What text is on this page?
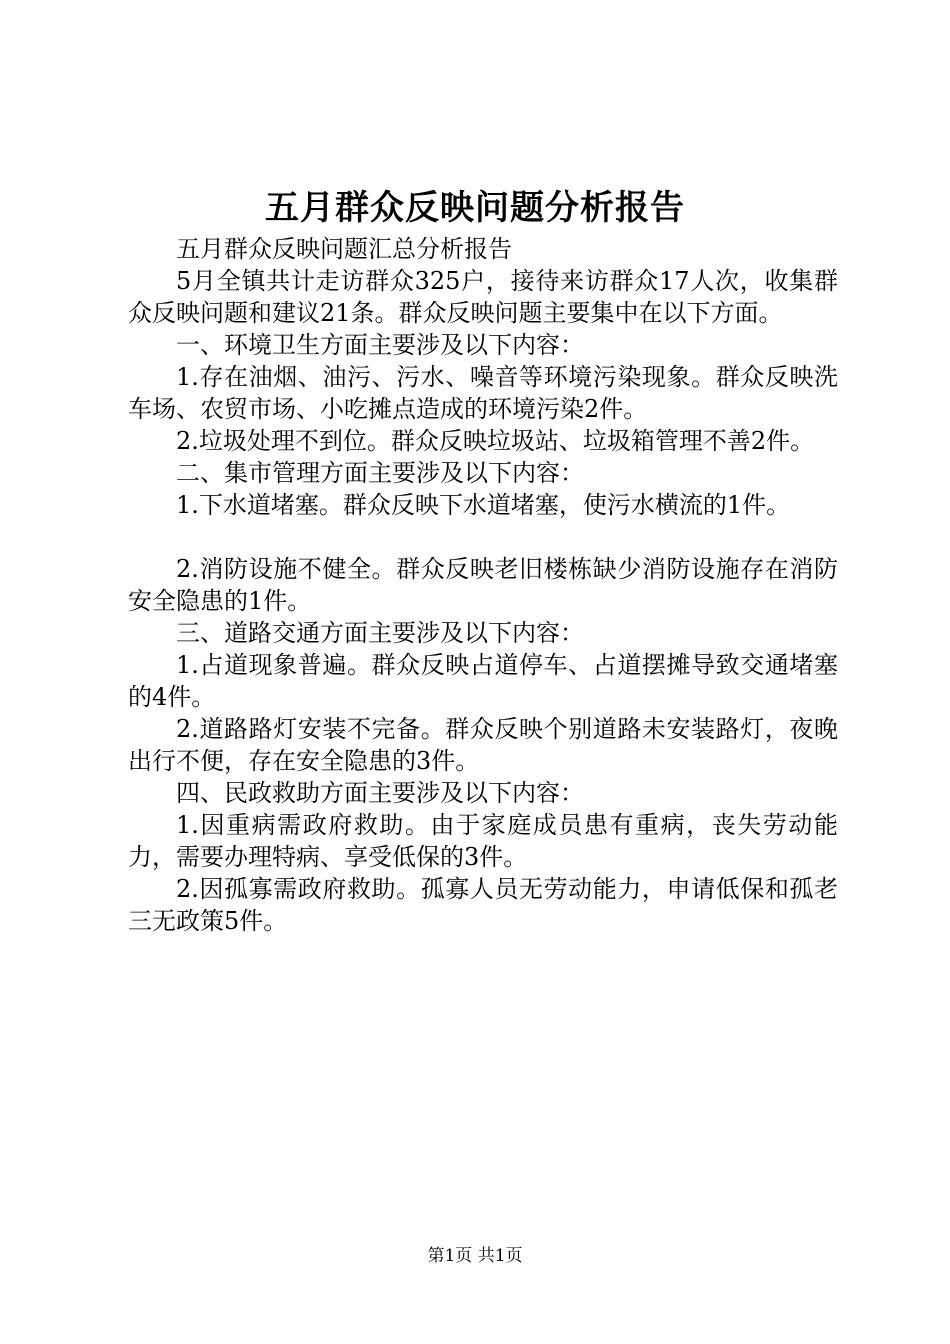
五月群众反映问题分析报告

五月群众反映问题汇总分析报告

5月全镇共计走访群众325户，接待来访群众17人次，收集群众反映问题和建议21条。群众反映问题主要集中在以下方面。

一、环境卫生方面主要涉及以下内容：

1.存在油烟、油污、污水、噪音等环境污染现象。群众反映洗车场、农贸市场、小吃摊点造成的环境污染2件。

2.垃圾处理不到位。群众反映垃圾站、垃圾箱管理不善2件。

二、集市管理方面主要涉及以下内容：

1.下水道堵塞。群众反映下水道堵塞，使污水横流的1件。

2.消防设施不健全。群众反映老旧楼栋缺少消防设施存在消防安全隐患的1件。

三、道路交通方面主要涉及以下内容：

1.占道现象普遍。群众反映占道停车、占道摆摊导致交通堵塞的4件。

2.道路路灯安装不完备。群众反映个别道路未安装路灯，夜晚出行不便，存在安全隐患的3件。

四、民政救助方面主要涉及以下内容：

1.因重病需政府救助。由于家庭成员患有重病，丧失劳动能力，需要办理特病、享受低保的3件。

2.因孤寡需政府救助。孤寡人员无劳动能力，申请低保和孤老三无政策5件。

第1页 共1页
